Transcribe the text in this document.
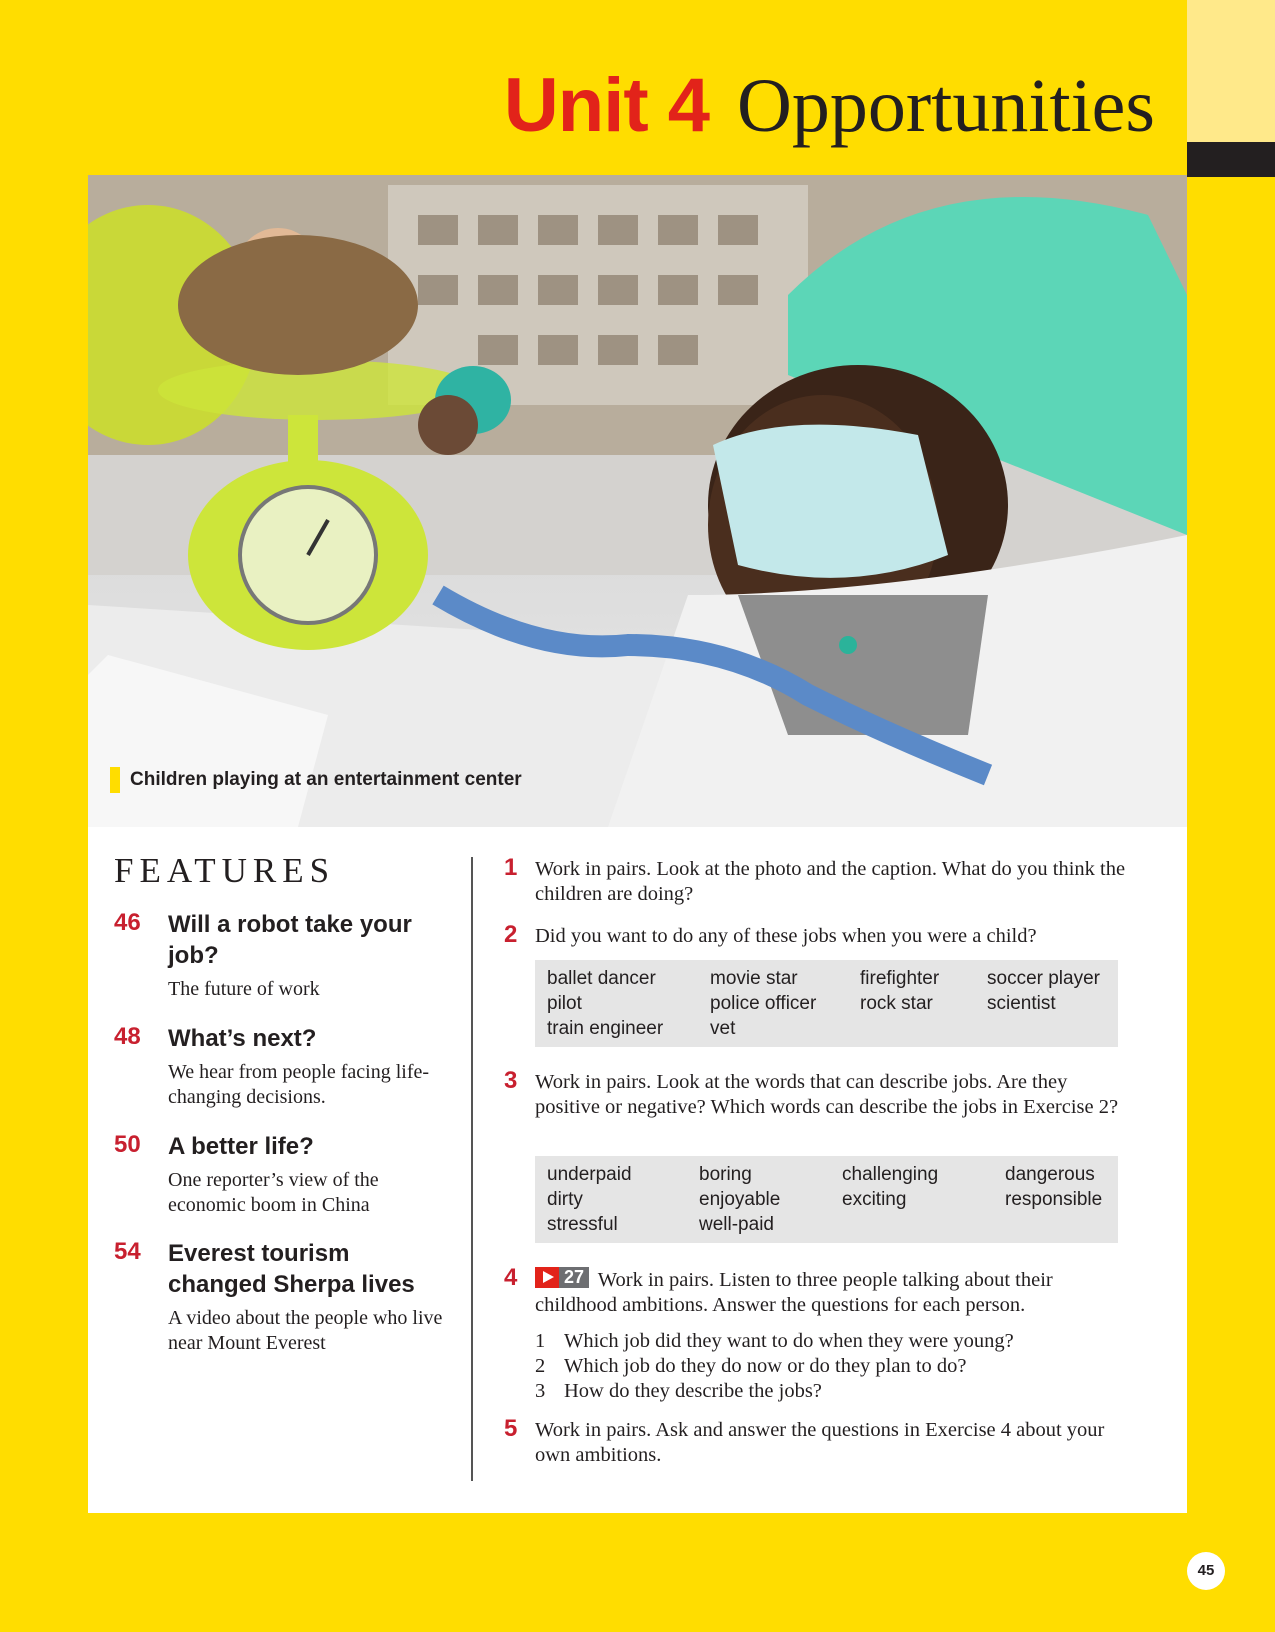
Unit 4 Opportunities
Children playing at an entertainment center
FEATURES
46 Will a robot take your job?
The future of work
48 What’s next?
We hear from people facing life-changing decisions.
50 A better life?
One reporter’s view of the economic boom in China
54 Everest tourism changed Sherpa lives
A video about the people who live near Mount Everest
1 Work in pairs. Look at the photo and the caption. What do you think the children are doing?
2 Did you want to do any of these jobs when you were a child?
ballet dancer
pilot
train engineer
movie star
police officer
vet
firefighter
rock star
soccer player
scientist
3 Work in pairs. Look at the words that can describe jobs. Are they positive or negative? Which words can describe the jobs in Exercise 2?
underpaid
dirty
stressful
boring
enjoyable
well-paid
challenging
exciting
dangerous
responsible
4	27 Work in pairs. Listen to three people talking about their childhood ambitions. Answer the questions for each person.
1 Which job did they want to do when they were young?
2 Which job do they do now or do they plan to do?
3 How do they describe the jobs?
5 Work in pairs. Ask and answer the questions in Exercise 4 about your own ambitions.
45
